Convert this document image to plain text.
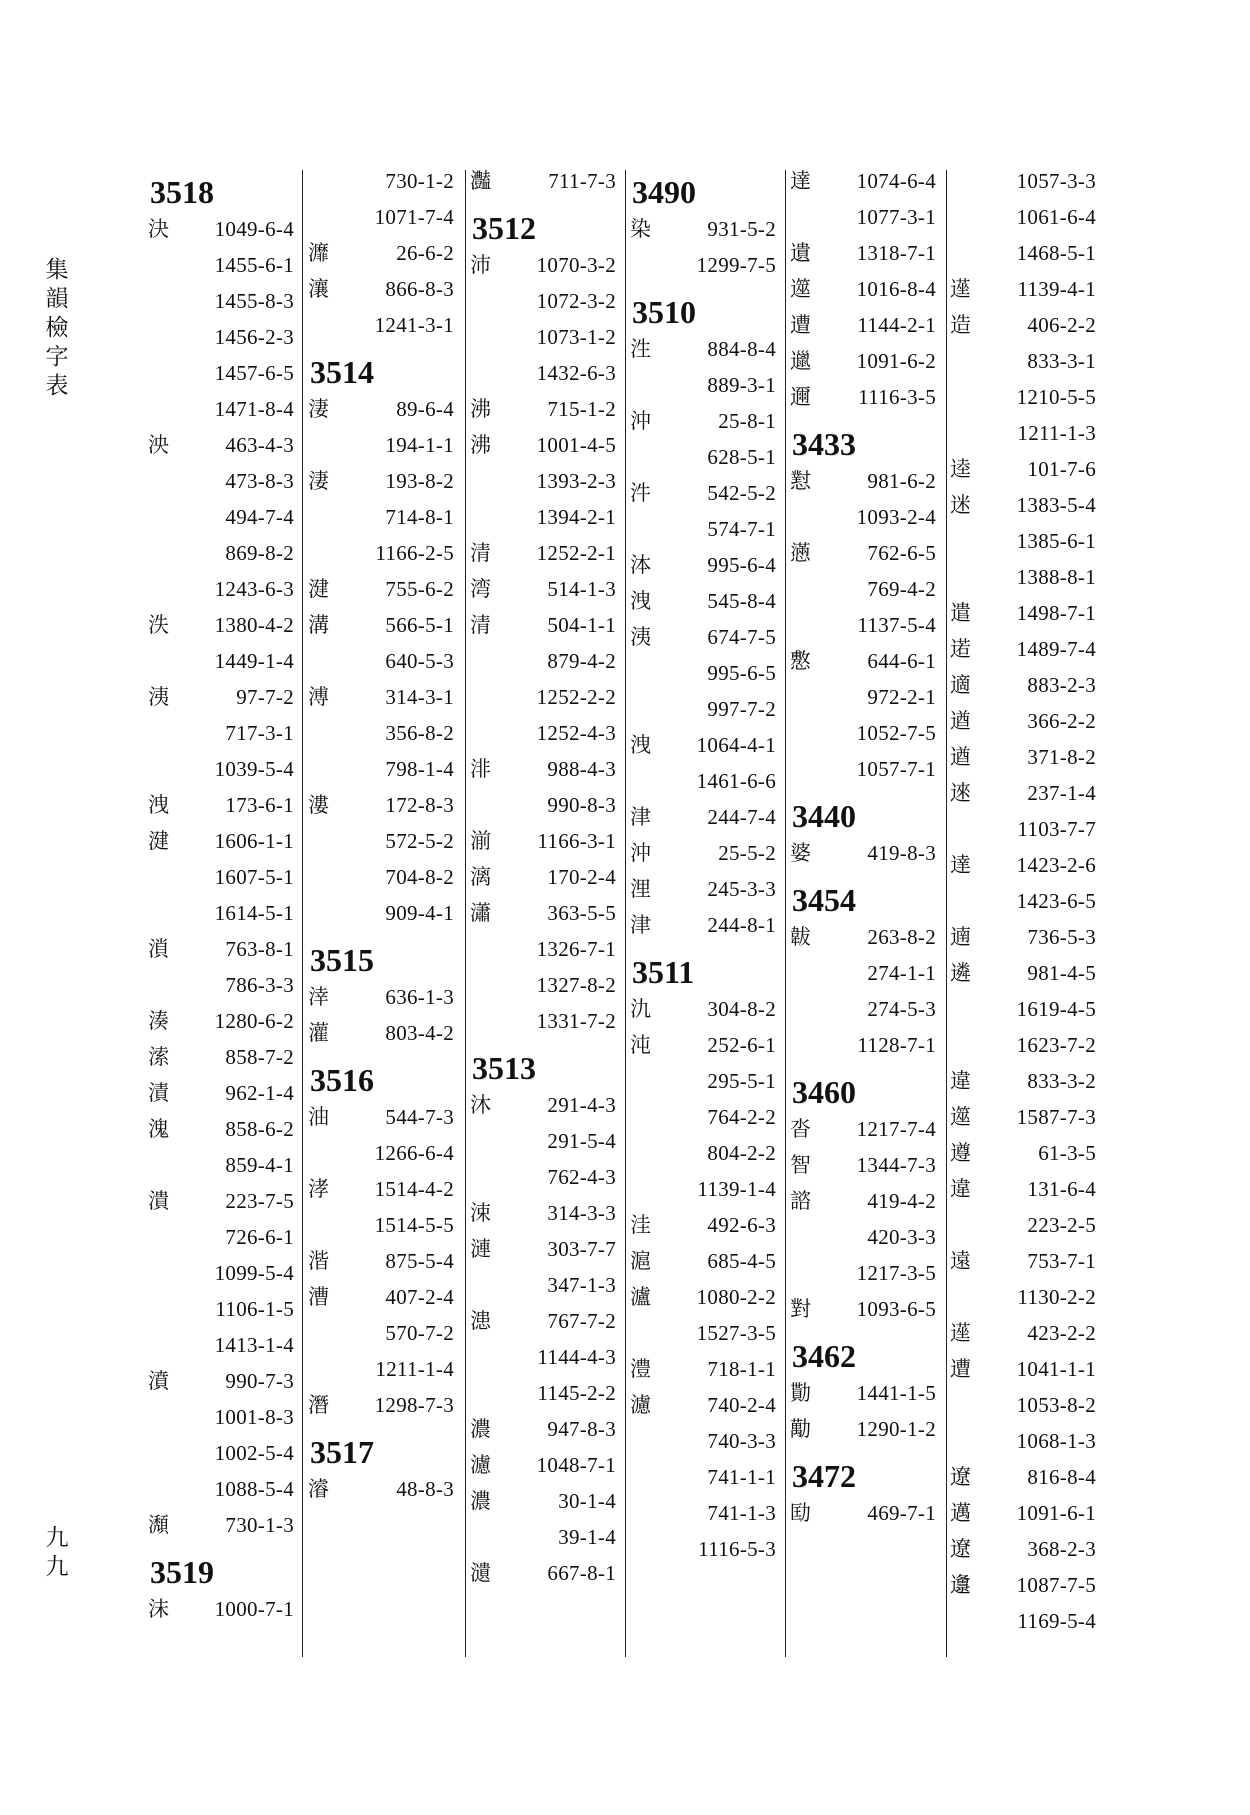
集韻檢字表
九九
3518
決 1049-6-4
1455-6-1
1455-8-3
1456-2-3
1457-6-5
1471-8-4
泱	463-4-3
473-8-3
494-7-4
869-8-2
1243-6-3
泆 1380-4-2
1449-1-4
洟	97-7-2
717-3-1
1039-5-4
洩	173-6-1
湕 1606-1-1
1607-5-1
1614-5-1
溑	763-8-1
786-3-3
湊 1280-6-2
溹	858-7-2
漬	962-1-4
溾	858-6-2
859-4-1
潰	223-7-5
726-6-1
1099-5-4
1106-1-5
1413-1-4
濆	990-7-3
1001-8-3
1002-5-4
1088-5-4
瀩	730-1-3
3519
沫 1000-7-1
730-1-2
1071-7-4
灖	26-6-2
瀼	866-8-3
1241-3-1
3514
淒	89-6-4
194-1-1
淒	193-8-2
714-8-1
1166-2-5
湕	755-6-2
溝	566-5-1
640-5-3
溥	314-3-1
356-8-2
798-1-4
漊	172-8-3
572-5-2
704-8-2
909-4-1
3515
涬	636-1-3
灌	803-4-2
3516
油	544-7-3
1266-6-4
涍 1514-4-2
1514-5-5
湝	875-5-4
漕	407-2-4
570-7-2
1211-1-4
潛 1298-7-3
3517
濬	48-8-3
灎	711-7-3
3512
沛 1070-3-2
1072-3-2
1073-1-2
1432-6-3
沸	715-1-2
沸 1001-4-5
1393-2-3
1394-2-1
清 1252-2-1
湾	514-1-3
清	504-1-1
879-4-2
1252-2-2
1252-4-3
渄	988-4-3
990-8-3
湔 1166-3-1
漓	170-2-4
瀟	363-5-5
1326-7-1
1327-8-2
1331-7-2
3513
沐	291-4-3
291-5-4
762-4-3
涑	314-3-3
漣	303-7-7
347-1-3
漶	767-7-2
1144-4-3
1145-2-2
濃	947-8-3
濾 1048-7-1
濃	30-1-4
39-1-4
瀢	667-8-1
3490
染	931-5-2
1299-7-5
3510
泩	884-8-4
889-3-1
沖	25-8-1
628-5-1
汼	542-5-2
574-7-1
泍	995-6-4
洩	545-8-4
洟	674-7-5
995-6-5
997-7-2
洩 1064-4-1
1461-6-6
津	244-7-4
沖	25-5-2
浬	245-3-3
津	244-8-1
3511
氿	304-8-2
沌	252-6-1
295-5-1
764-2-2
804-2-2
1139-1-4
洼	492-6-3
滬	685-4-5
瀘 1080-2-2
1527-3-5
澧	718-1-1
濾	740-2-4
740-3-3
741-1-1
741-1-3
1116-5-3
達 1074-6-4
1077-3-1
遺 1318-7-1
遾 1016-8-4
遭 1144-2-1
邋 1091-6-2
邇 1116-3-5
3433
懟	981-6-2
1093-2-4
懣	762-6-5
769-4-2
1137-5-4
懯	644-6-1
972-2-1
1052-7-5
1057-7-1
3440
婆	419-8-3
3454
韍	263-8-2
274-1-1
274-5-3
1128-7-1
3460
沓 1217-7-4
智 1344-7-3
諮	419-4-2
420-3-3
1217-3-5
對 1093-6-5
3462
勩 1441-1-5
勱 1290-1-2
3472
劻	469-7-1
1057-3-3
1061-6-4
1468-5-1
遳 1139-4-1
造	406-2-2
833-3-1
1210-5-5
1211-1-3
逵	101-7-6
迷 1383-5-4
1385-6-1
1388-8-1
遣 1498-7-1
逽 1489-7-4
適	883-2-3
遒	366-2-2
遒	371-8-2
逨	237-1-4
1103-7-7
達 1423-2-6
1423-6-5
遖	736-5-3
遴	981-4-5
1619-4-5
1623-7-2
違	833-3-2
遾 1587-7-3
遵	61-3-5
違	131-6-4
223-2-5
遠	753-7-1
1130-2-2
遳	423-2-2
遭 1041-1-1
1053-8-2
1068-1-3
遼	816-8-4
邁 1091-6-1
遼	368-2-3
邍 1087-7-5
1169-5-4
